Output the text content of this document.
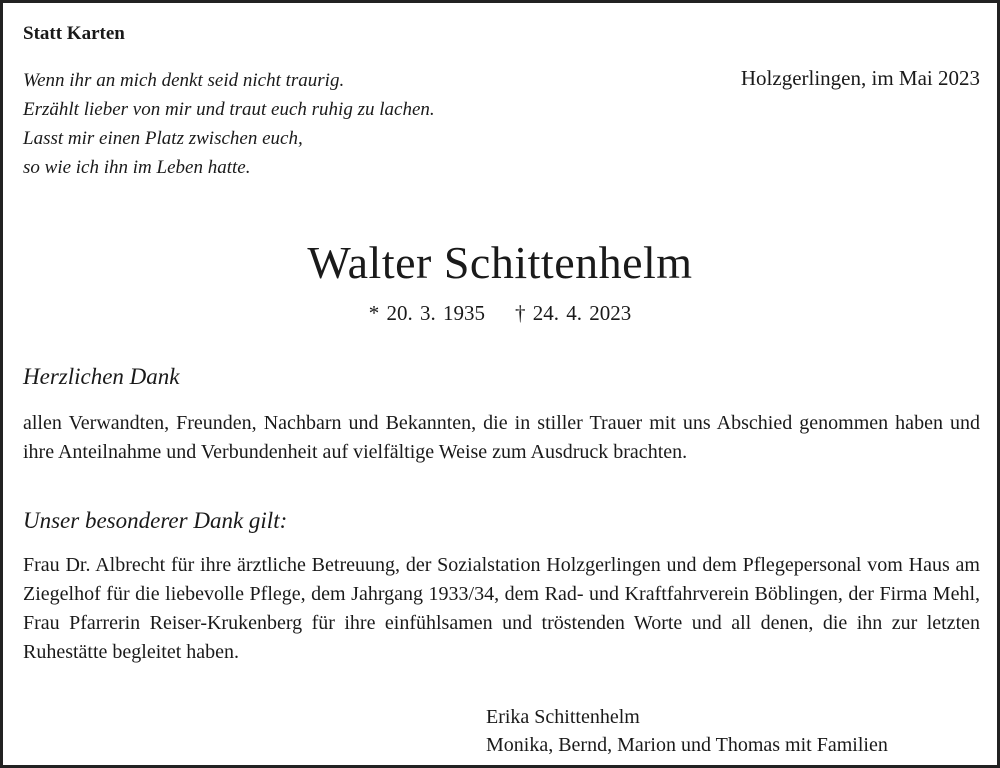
Statt Karten
Wenn ihr an mich denkt seid nicht traurig.
Erzählt lieber von mir und traut euch ruhig zu lachen.
Lasst mir einen Platz zwischen euch,
so wie ich ihn im Leben hatte.
Holzgerlingen, im Mai 2023
Walter Schittenhelm
* 20. 3. 1935 † 24. 4. 2023
Herzlichen Dank
allen Verwandten, Freunden, Nachbarn und Bekannten, die in stiller Trauer mit uns Abschied genommen haben und ihre Anteilnahme und Verbundenheit auf vielfältige Weise zum Ausdruck brachten.
Unser besonderer Dank gilt:
Frau Dr. Albrecht für ihre ärztliche Betreuung, der Sozialstation Holzgerlingen und dem Pflegepersonal vom Haus am Ziegelhof für die liebevolle Pflege, dem Jahrgang 1933/34, dem Rad- und Kraftfahrverein Böblingen, der Firma Mehl, Frau Pfarrerin Reiser-Krukenberg für ihre einfühlsamen und tröstenden Worte und all denen, die ihn zur letzten Ruhestätte begleitet haben.
Erika Schittenhelm
Monika, Bernd, Marion und Thomas mit Familien
